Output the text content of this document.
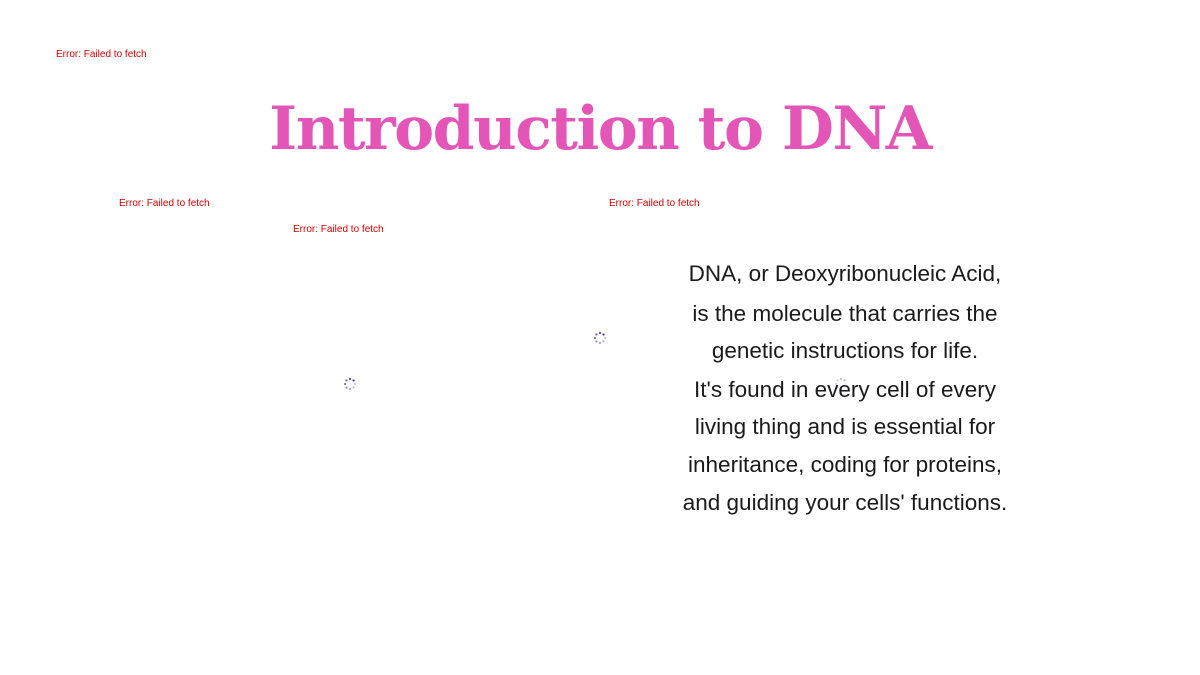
Error: Failed to fetch
Introduction to DNA
Error: Failed to fetch	Error: Failed to fetch
Error: Failed to fetch
DNA, or Deoxyribonucleic Acid,
is the molecule that carries the
genetic instructions for life.
It's found in every cell of every
living thing and is essential for
inheritance, coding for proteins,
and guiding your cells' functions.
